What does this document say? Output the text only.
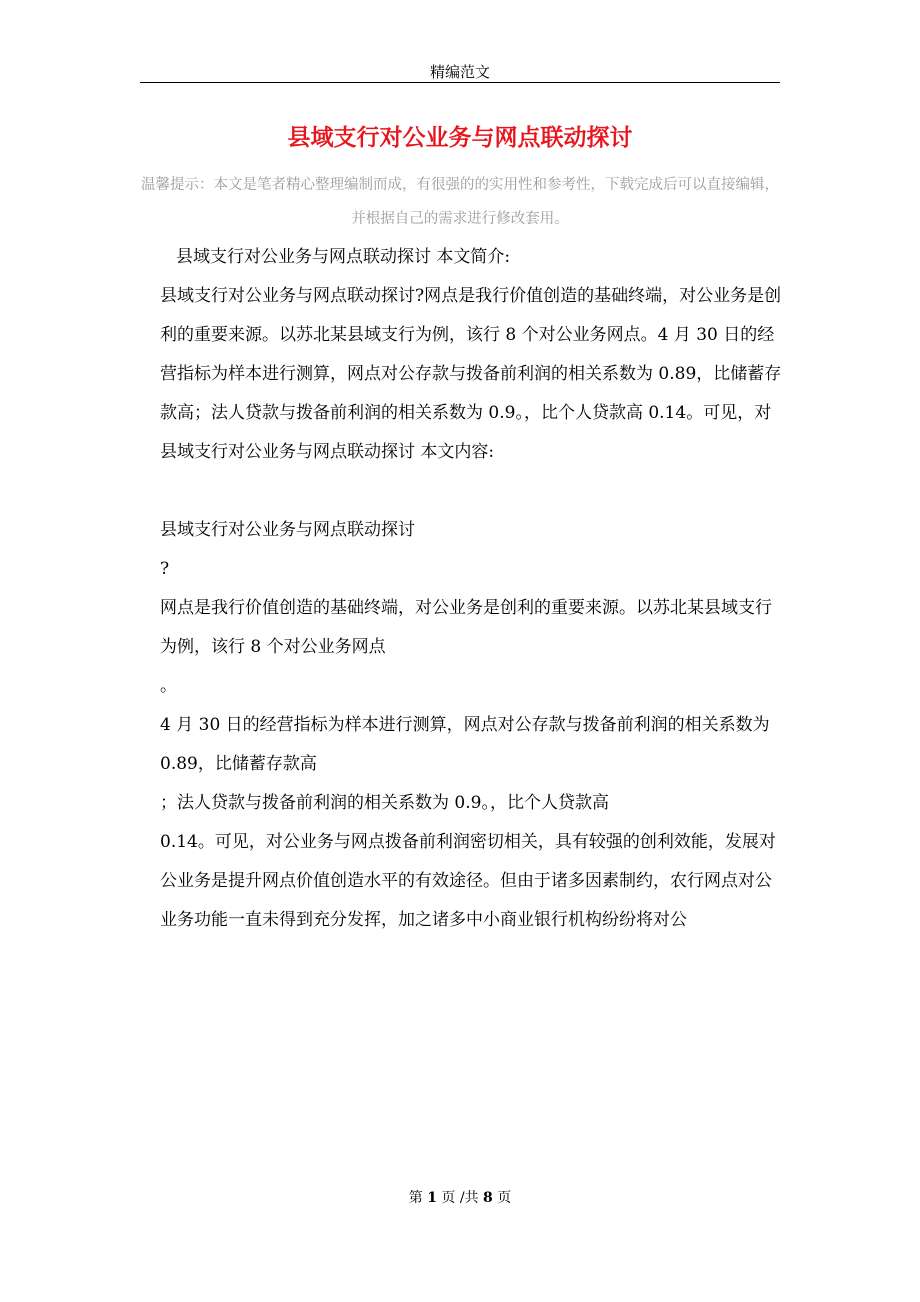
精编范文
县域支行对公业务与网点联动探讨
温馨提示：本文是笔者精心整理编制而成，有很强的的实用性和参考性，下载完成后可以直接编辑，并根据自己的需求进行修改套用。

县域支行对公业务与网点联动探讨 本文简介:

县域支行对公业务与网点联动探讨?网点是我行价值创造的基础终端，对公业务是创利的重要来源。以苏北某县域支行为例，该行 8 个对公业务网点。4 月 30 日的经营指标为样本进行测算，网点对公存款与拨备前利润的相关系数为 0.89，比储蓄存款高；法人贷款与拨备前利润的相关系数为 0.9。，比个人贷款高 0.14。可见，对

县域支行对公业务与网点联动探讨 本文内容:

县域支行对公业务与网点联动探讨

?

网点是我行价值创造的基础终端，对公业务是创利的重要来源。以苏北某县域支行为例，该行 8 个对公业务网点

。

4 月 30 日的经营指标为样本进行测算，网点对公存款与拨备前利润的相关系数为

0.89，比储蓄存款高

；法人贷款与拨备前利润的相关系数为 0.9。，比个人贷款高

0.14。可见，对公业务与网点拨备前利润密切相关，具有较强的创利效能，发展对公业务是提升网点价值创造水平的有效途径。但由于诸多因素制约，农行网点对公业务功能一直未得到充分发挥，加之诸多中小商业银行机构纷纷将对公

第 1 页 /共 8 页
